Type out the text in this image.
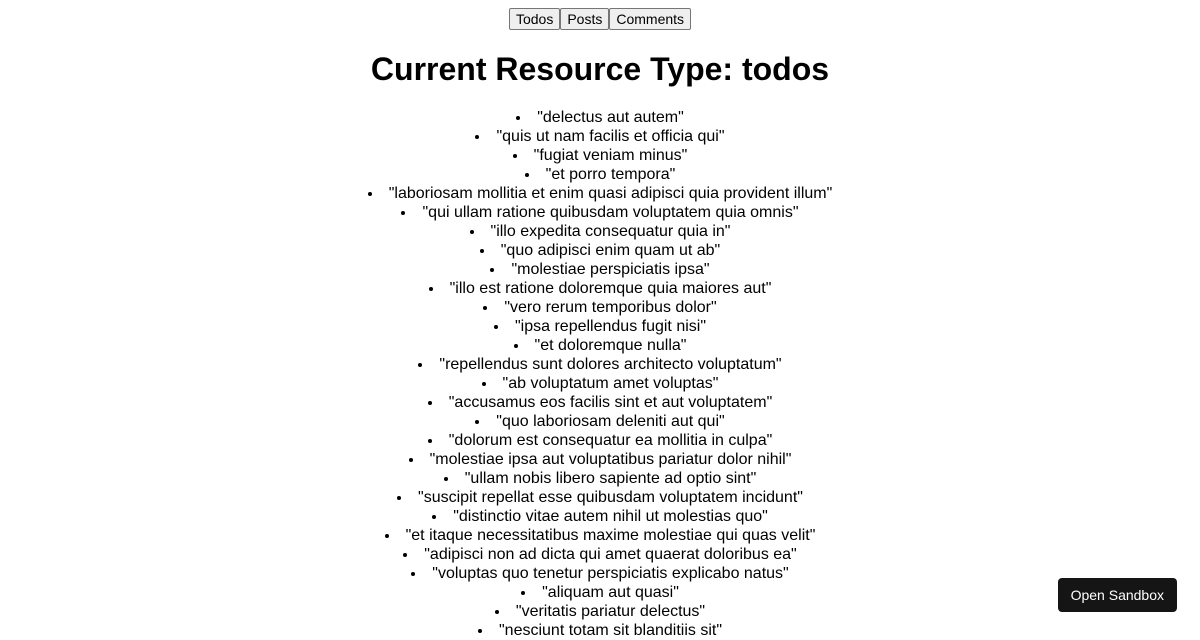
Todos	Posts	Comments
Current Resource Type: todos
• "delectus aut autem"
• "quis ut nam facilis et officia qui"
• "fugiat veniam minus"
• "et porro tempora"
• "laboriosam mollitia et enim quasi adipisci quia provident illum"
• "qui ullam ratione quibusdam voluptatem quia omnis"
• "illo expedita consequatur quia in"
• "quo adipisci enim quam ut ab"
• "molestiae perspiciatis ipsa"
• "illo est ratione doloremque quia maiores aut"
• "vero rerum temporibus dolor"
• "ipsa repellendus fugit nisi"
• "et doloremque nulla"
• "repellendus sunt dolores architecto voluptatum"
• "ab voluptatum amet voluptas"
• "accusamus eos facilis sint et aut voluptatem"
• "quo laboriosam deleniti aut qui"
• "dolorum est consequatur ea mollitia in culpa"
• "molestiae ipsa aut voluptatibus pariatur dolor nihil"
• "ullam nobis libero sapiente ad optio sint"
• "suscipit repellat esse quibusdam voluptatem incidunt"
• "distinctio vitae autem nihil ut molestias quo"
• "et itaque necessitatibus maxime molestiae qui quas velit"
• "adipisci non ad dicta qui amet quaerat doloribus ea"
• "voluptas quo tenetur perspiciatis explicabo natus"
• "aliquam aut quasi"
• "veritatis pariatur delectus"
• "nesciunt totam sit blanditiis sit"
Open Sandbox
